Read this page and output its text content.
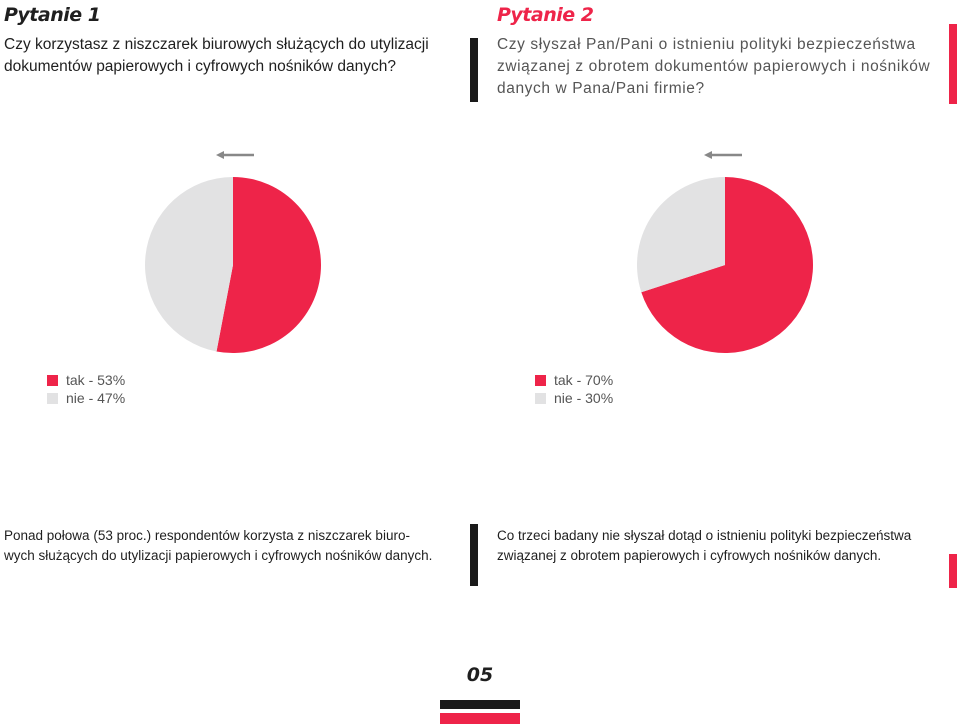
Pytanie 1
Czy korzystasz z niszczarek biurowych służących do utylizacji
dokumentów papierowych i cyfrowych nośników danych?
Pytanie 2
Czy słyszał Pan/Pani o istnieniu polityki bezpieczeństwa
związanej z obrotem dokumentów papierowych i nośników
danych w Pana/Pani firmie?
tak - 53%
nie - 47%
tak - 70%
nie - 30%
Ponad połowa (53 proc.) respondentów korzysta z niszczarek biuro-
wych służących do utylizacji papierowych i cyfrowych nośników danych.
Co trzeci badany nie słyszał dotąd o istnieniu polityki bezpieczeństwa
związanej z obrotem papierowych i cyfrowych nośników danych.
05
